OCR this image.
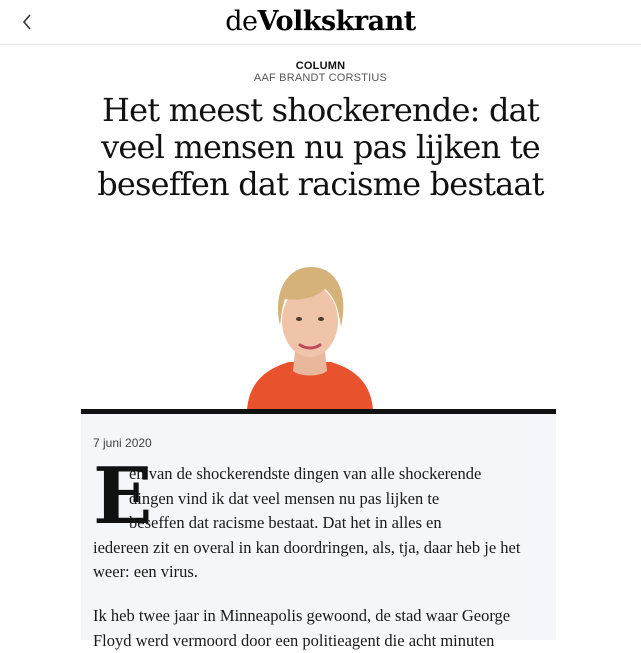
deVolkskrant
COLUMN
AAF BRANDT CORSTIUS
Het meest shockerende: dat veel mensen nu pas lijken te beseffen dat racisme bestaat
7 juni 2020
E
en van de shockerendste dingen van alle shockerende
dingen vind ik dat veel mensen nu pas lijken te
beseffen dat racisme bestaat. Dat het in alles en
iedereen zit en overal in kan doordringen, als, tja, daar heb je het weer: een virus.
Ik heb twee jaar in Minneapolis gewoond, de stad waar George Floyd werd vermoord door een politieagent die acht minuten
